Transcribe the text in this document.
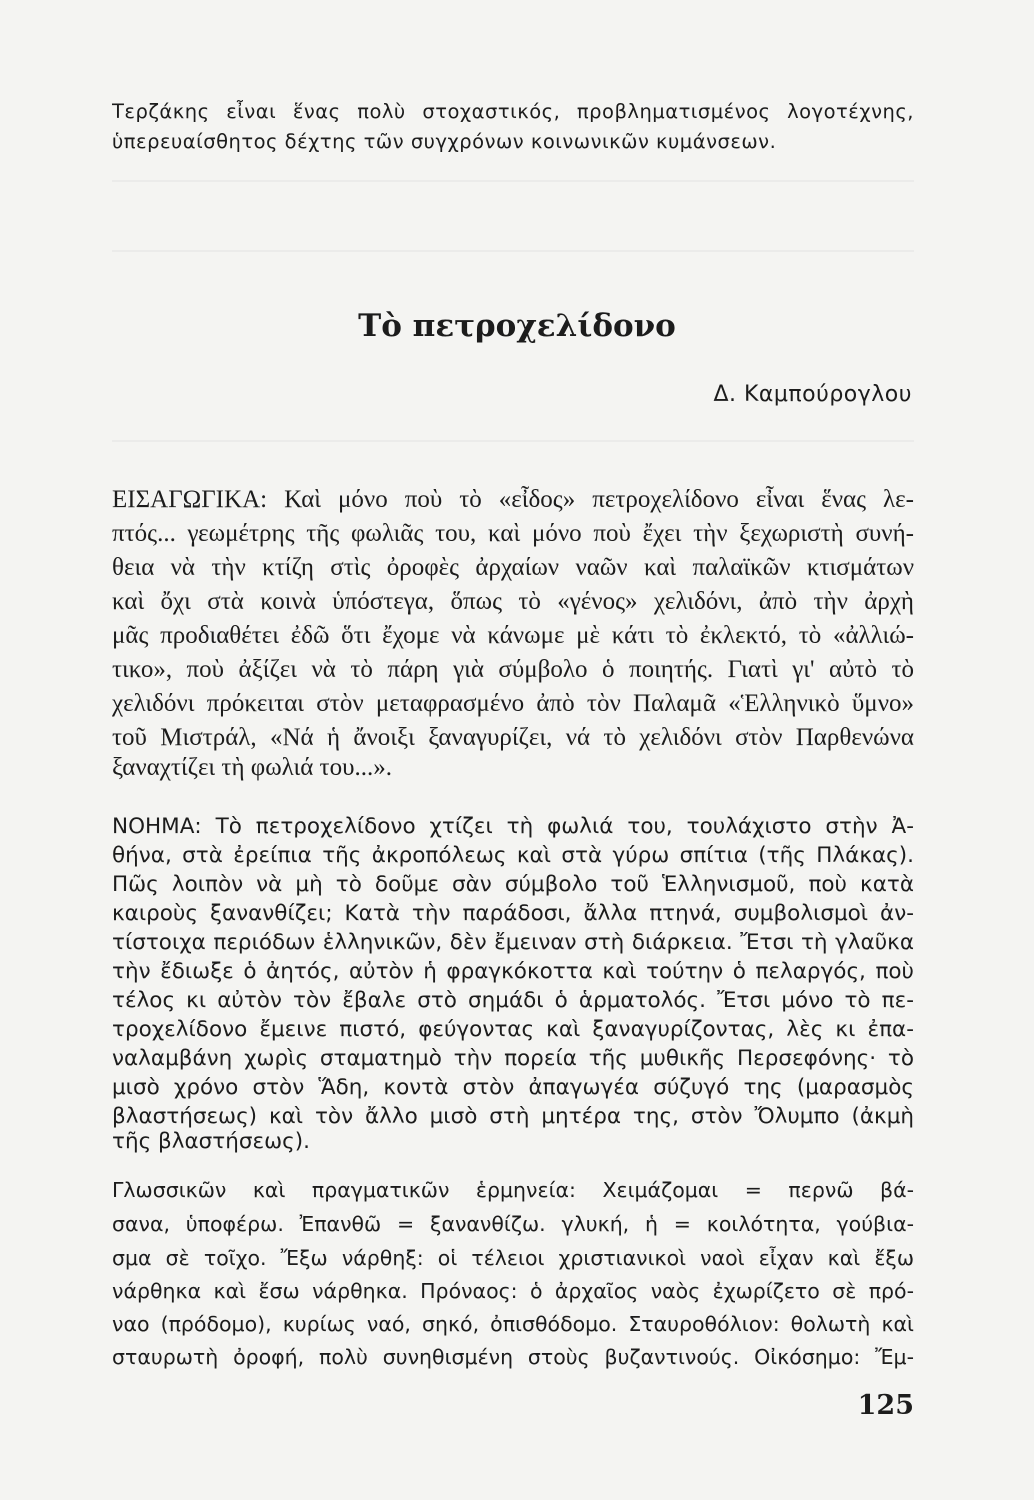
Τερζάκης εἶναι ἕνας πολὺ στοχαστικός, προβληματισμένος λογοτέχνης,

ὑπερευαίσθητος δέχτης τῶν συγχρόνων κοινωνικῶν κυμάνσεων.

Τὸ πετροχελίδονο

Δ. Καμπούρογλου

ΕΙΣΑΓΩΓΙΚΑ: Καὶ μόνο ποὺ τὸ «εἶδος» πετροχελίδονο εἶναι ἕνας λε-

πτός... γεωμέτρης τῆς φωλιᾶς του, καὶ μόνο ποὺ ἔχει τὴν ξεχωριστὴ συνή-

θεια νὰ τὴν κτίζη στὶς ὀροφὲς ἀρχαίων ναῶν καὶ παλαϊκῶν κτισμάτων

καὶ ὄχι στὰ κοινὰ ὑπόστεγα, ὅπως τὸ «γένος» χελιδόνι, ἀπὸ τὴν ἀρχὴ

μᾶς προδιαθέτει ἐδῶ ὅτι ἔχομε νὰ κάνωμε μὲ κάτι τὸ ἐκλεκτό, τὸ «ἀλλιώ-

τικο», ποὺ ἀξίζει νὰ τὸ πάρη γιὰ σύμβολο ὁ ποιητής. Γιατὶ γι' αὐτὸ τὸ

χελιδόνι πρόκειται στὸν μεταφρασμένο ἀπὸ τὸν Παλαμᾶ «Ἑλληνικὸ ὕμνο»

τοῦ Μιστράλ, «Νά ἡ ἄνοιξι ξαναγυρίζει, νά τὸ χελιδόνι στὸν Παρθενώνα

ξαναχτίζει τὴ φωλιά του...».

ΝΟΗΜΑ: Τὸ πετροχελίδονο χτίζει τὴ φωλιά του, τουλάχιστο στὴν Ἀ-

θήνα, στὰ ἐρείπια τῆς ἀκροπόλεως καὶ στὰ γύρω σπίτια (τῆς Πλάκας).

Πῶς λοιπὸν νὰ μὴ τὸ δοῦμε σὰν σύμβολο τοῦ Ἑλληνισμοῦ, ποὺ κατὰ

καιροὺς ξανανθίζει; Κατὰ τὴν παράδοσι, ἄλλα πτηνά, συμβολισμοὶ ἀν-

τίστοιχα περιόδων ἑλληνικῶν, δὲν ἔμειναν στὴ διάρκεια. Ἔτσι τὴ γλαῦκα

τὴν ἔδιωξε ὁ ἀητός, αὐτὸν ἡ φραγκόκοττα καὶ τούτην ὁ πελαργός, ποὺ

τέλος κι αὐτὸν τὸν ἔβαλε στὸ σημάδι ὁ ἁρματολός. Ἔτσι μόνο τὸ πε-

τροχελίδονο ἔμεινε πιστό, φεύγοντας καὶ ξαναγυρίζοντας, λὲς κι ἐπα-

ναλαμβάνη χωρὶς σταματημὸ τὴν πορεία τῆς μυθικῆς Περσεφόνης· τὸ

μισὸ χρόνο στὸν Ἅδη, κοντὰ στὸν ἀπαγωγέα σύζυγό της (μαρασμὸς

βλαστήσεως) καὶ τὸν ἄλλο μισὸ στὴ μητέρα της, στὸν Ὄλυμπο (ἀκμὴ

τῆς βλαστήσεως).

Γλωσσικῶν καὶ πραγματικῶν ἑρμηνεία: Χειμάζομαι = περνῶ βά-

σανα, ὑποφέρω. Ἐπανθῶ = ξανανθίζω. γλυκή, ἡ = κοιλότητα, γούβια-

σμα σὲ τοῖχο. Ἔξω νάρθηξ: οἱ τέλειοι χριστιανικοὶ ναοὶ εἶχαν καὶ ἔξω

νάρθηκα καὶ ἔσω νάρθηκα. Πρόναος: ὁ ἀρχαῖος ναὸς ἐχωρίζετο σὲ πρό-

ναο (πρόδομο), κυρίως ναό, σηκό, ὀπισθόδομο. Σταυροθόλιον: θολωτὴ καὶ

σταυρωτὴ ὀροφή, πολὺ συνηθισμένη στοὺς βυζαντινούς. Οἰκόσημο: Ἔμ-

125
